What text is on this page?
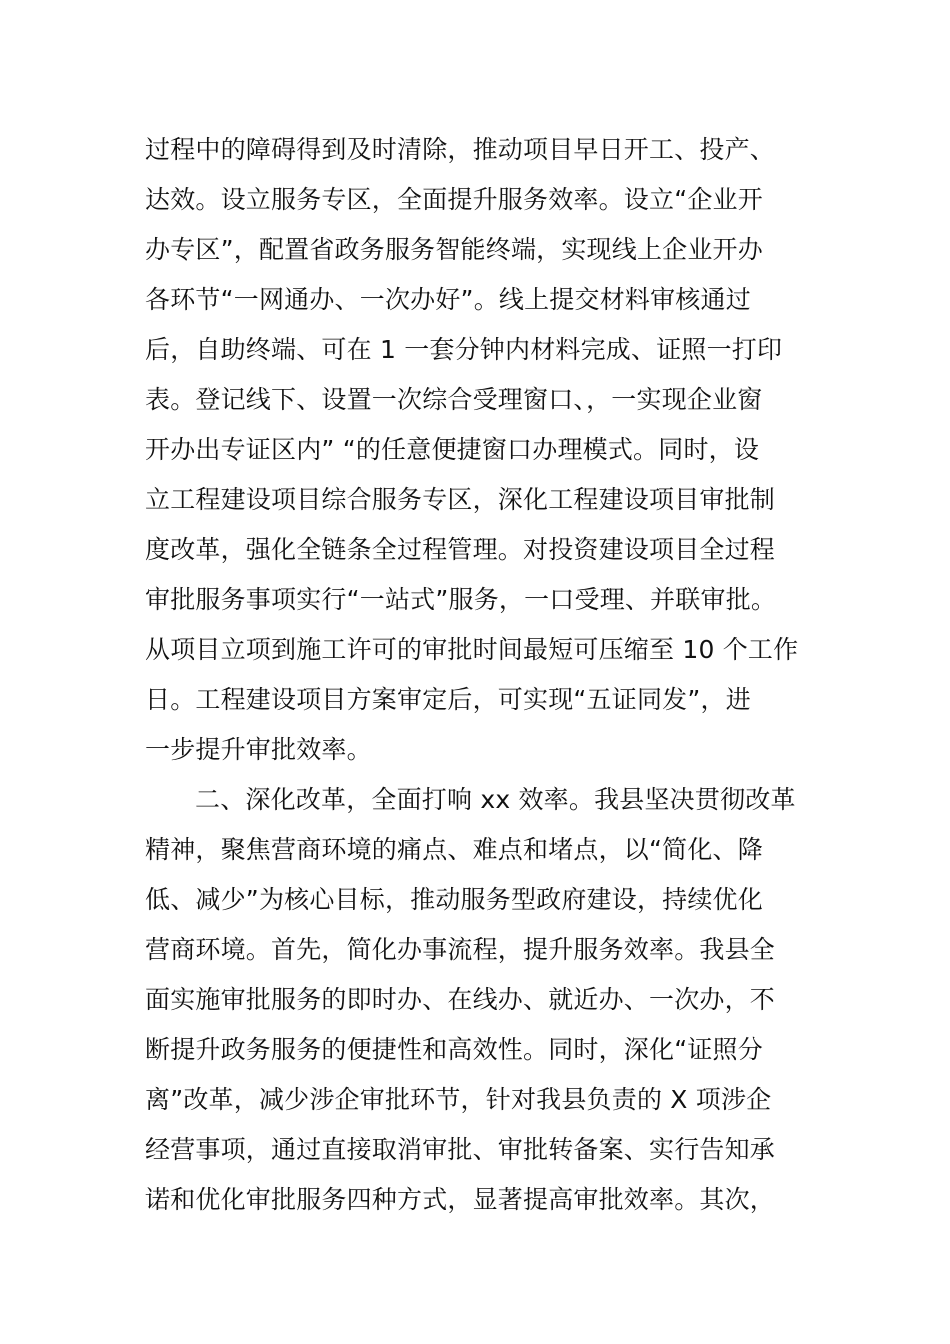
过程中的障碍得到及时清除，推动项目早日开工、投产、
达效。设立服务专区，全面提升服务效率。设立“企业开
办专区”，配置省政务服务智能终端，实现线上企业开办
各环节“一网通办、一次办好”。线上提交材料审核通过
后，自助终端、可在 1 一套分钟内材料完成、证照一打印
表。登记线下、设置一次综合受理窗口、，一实现企业窗
开办出专证区内” “的任意便捷窗口办理模式。同时，设
立工程建设项目综合服务专区，深化工程建设项目审批制
度改革，强化全链条全过程管理。对投资建设项目全过程
审批服务事项实行“一站式”服务，一口受理、并联审批。
从项目立项到施工许可的审批时间最短可压缩至 10 个工作
日。工程建设项目方案审定后，可实现“五证同发”，进
一步提升审批效率。
二、深化改革，全面打响 xx 效率。我县坚决贯彻改革
精神，聚焦营商环境的痛点、难点和堵点，以“简化、降
低、减少”为核心目标，推动服务型政府建设，持续优化
营商环境。首先，简化办事流程，提升服务效率。我县全
面实施审批服务的即时办、在线办、就近办、一次办，不
断提升政务服务的便捷性和高效性。同时，深化“证照分
离”改革，减少涉企审批环节，针对我县负责的 X 项涉企
经营事项，通过直接取消审批、审批转备案、实行告知承
诺和优化审批服务四种方式，显著提高审批效率。其次，
